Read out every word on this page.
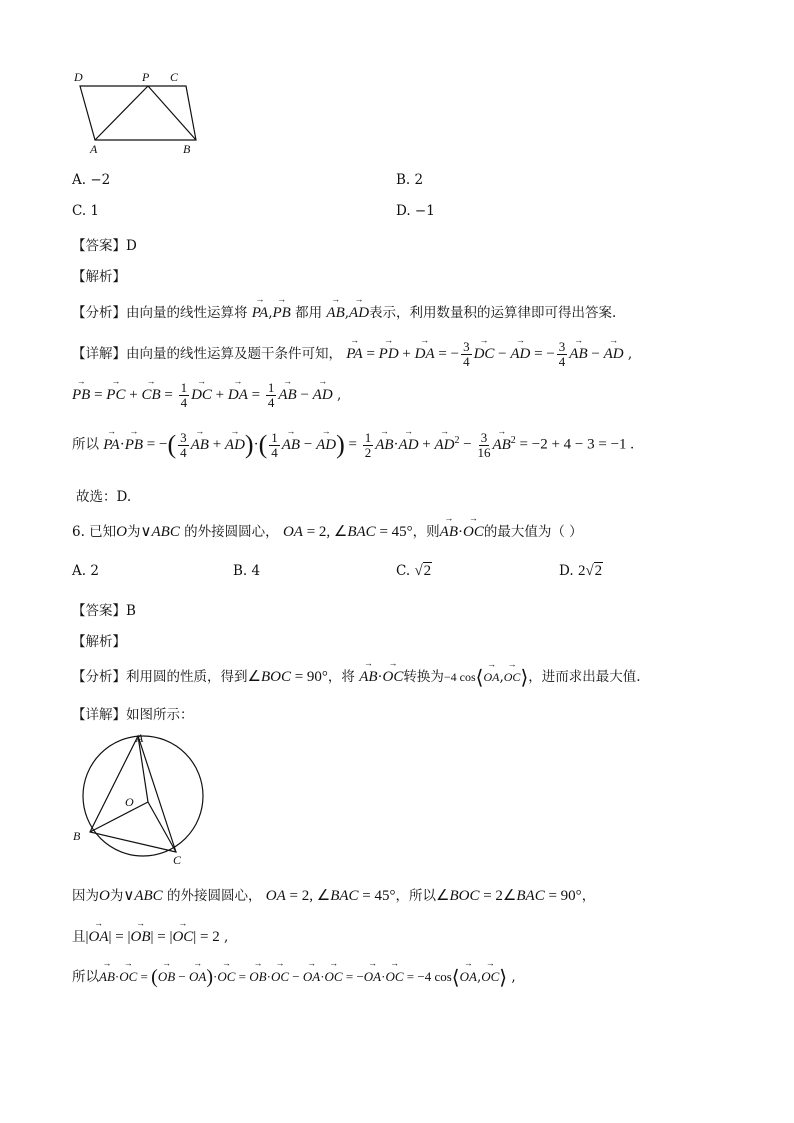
D	P C
A	B
A. −2	B. 2
C. 1	D. −1
【答案】D
【解析】
【分析】由向量的线性运算将 → PA,→ PB 都用 → AB,→ AD表示，利用数量积的运算律即可得出答案.
【详解】由向量的线性运算及题干条件可知， → PA = → PD + → DA = − $\frac{3}{4}$
→ DC − → AD = − $\frac{3}{4}$
→ AB − → AD ,
→ PB = → PC + → CB = $\frac{1}{4}$
→ DC + → DA = $\frac{1}{4}$
→ AB − → AD ,
所以 → PA·→ PB = −( $\frac{3}{4}$
→ AB + → $AD)\cdot( \frac{1}{4}$
→ AB − → $AD) = \frac{1}{2}$
→ AB·→ AD + → $AD^2 - \frac{3}{16}$
→ $AB^2 = -2 + 4 - 3 = -1$ .
故选：D.
6. 已知O为∨ABC 的外接圆圆心， OA = 2, ∠BAC = 45°，则→ AB·→ OC的最大值为（ ）
A. 2	B. 4	C. √2	D. 2√2
【答案】B
【解析】
【分析】利用圆的性质，得到∠BOC = 90°，将 → AB·→ OC转换为−4 cos⟨→ OA,→ OC⟩，进而求出最大值.
【详解】如图所示：
A
O
B
C
因为O为∨ABC 的外接圆圆心， OA = 2, ∠BAC = 45°，所以∠BOC = 2∠BAC = 90°，
且|→ OA| = |→ OB| = |→ OC| = 2 ,
所以→ AB·→ OC = (→ OB − → OA)·→ OC = → OB·→ OC − → OA·→ OC = −→ OA·→ OC = −4 cos⟨→ OA,→ OC⟩ ,
